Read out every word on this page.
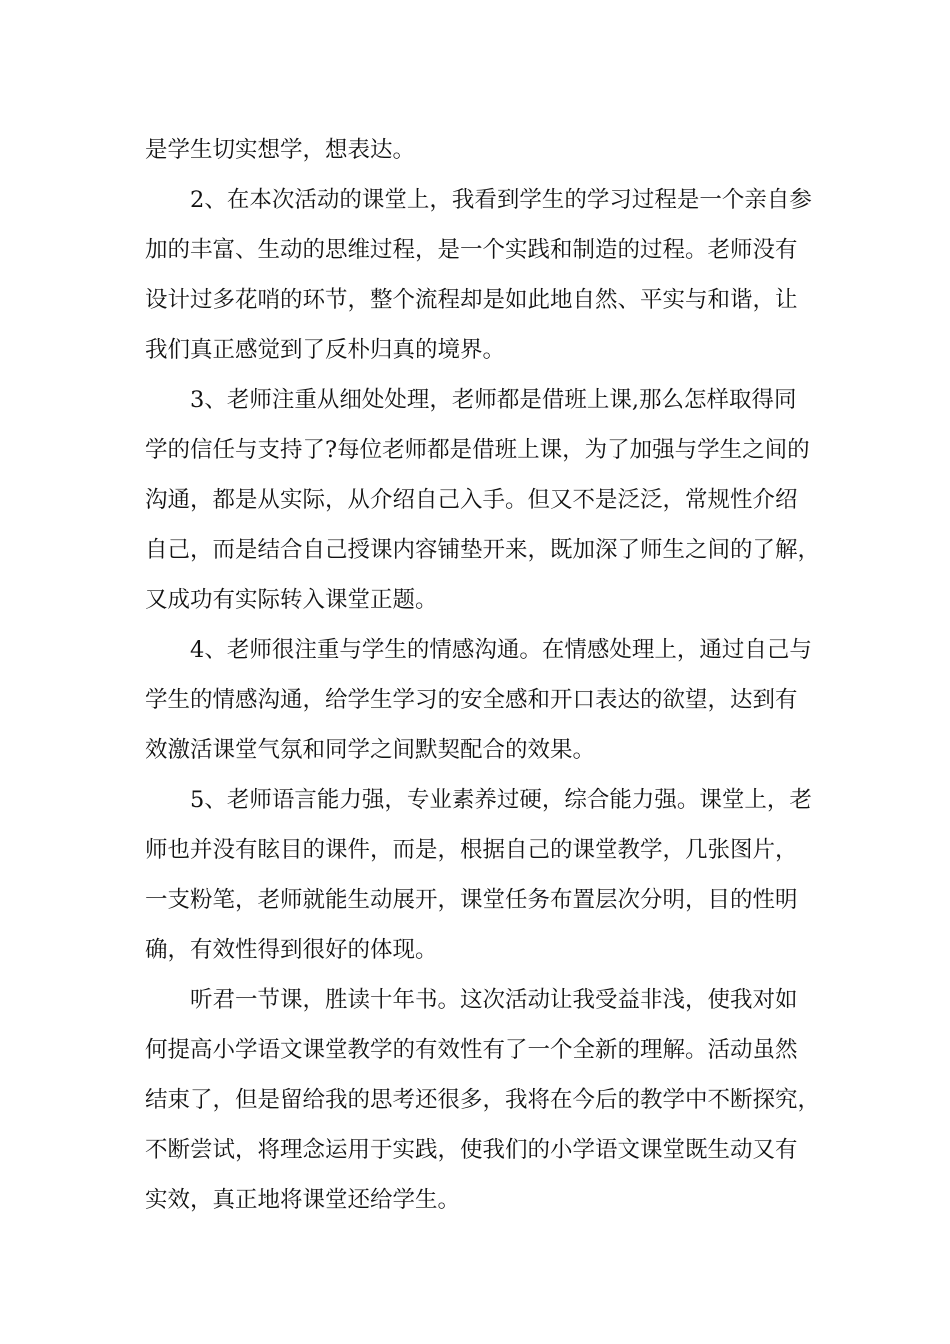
是学生切实想学，想表达。
2、在本次活动的课堂上，我看到学生的学习过程是一个亲自参
加的丰富、生动的思维过程，是一个实践和制造的过程。老师没有
设计过多花哨的环节，整个流程却是如此地自然、平实与和谐，让
我们真正感觉到了反朴归真的境界。
3、老师注重从细处处理，老师都是借班上课,那么怎样取得同
学的信任与支持了?每位老师都是借班上课，为了加强与学生之间的
沟通，都是从实际，从介绍自己入手。但又不是泛泛，常规性介绍
自己，而是结合自己授课内容铺垫开来，既加深了师生之间的了解，
又成功有实际转入课堂正题。
4、老师很注重与学生的情感沟通。在情感处理上，通过自己与
学生的情感沟通，给学生学习的安全感和开口表达的欲望，达到有
效激活课堂气氛和同学之间默契配合的效果。
5、老师语言能力强，专业素养过硬，综合能力强。课堂上，老
师也并没有眩目的课件，而是，根据自己的课堂教学，几张图片，
一支粉笔，老师就能生动展开，课堂任务布置层次分明，目的性明
确，有效性得到很好的体现。
听君一节课，胜读十年书。这次活动让我受益非浅，使我对如
何提高小学语文课堂教学的有效性有了一个全新的理解。活动虽然
结束了，但是留给我的思考还很多，我将在今后的教学中不断探究，
不断尝试，将理念运用于实践，使我们的小学语文课堂既生动又有
实效，真正地将课堂还给学生。
